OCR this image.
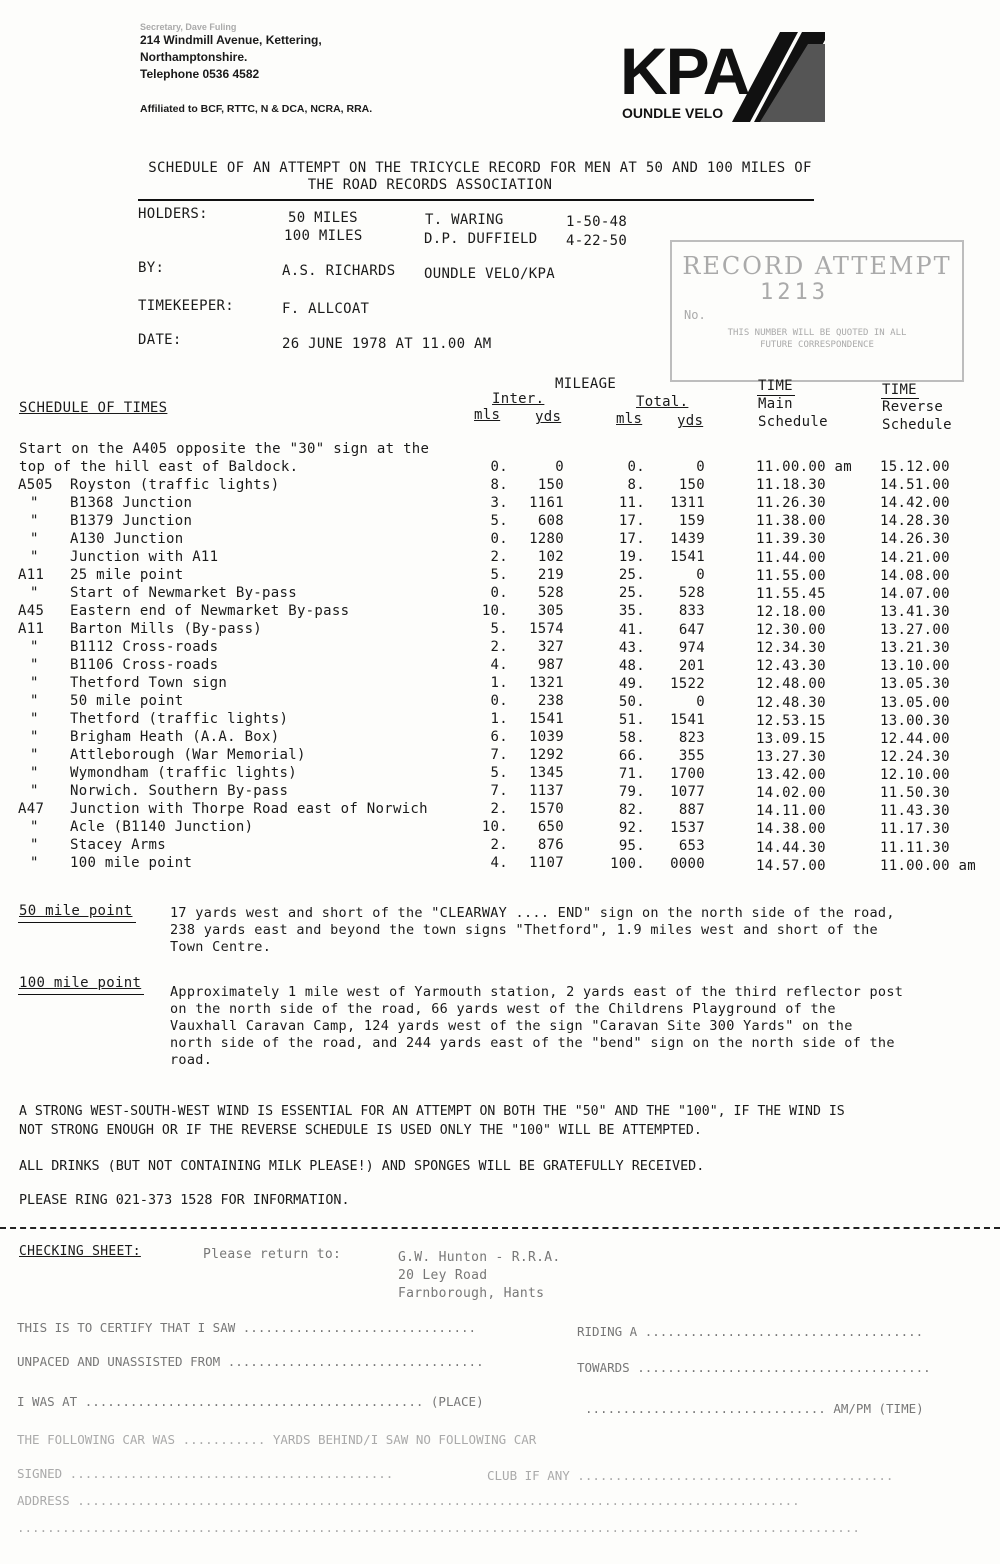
Secretary, Dave Fuling
214 Windmill Avenue, Kettering,
Northamptonshire.
Telephone 0536 4582
Affiliated to BCF, RTTC, N & DCA, NCRA, RRA.
KPA
OUNDLE VELO
SCHEDULE OF AN ATTEMPT ON THE TRICYCLE RECORD FOR MEN AT 50 AND 100 MILES OF
THE ROAD RECORDS ASSOCIATION
HOLDERS:	50 MILES	T. WARING	1-50-48
100 MILES	D.P. DUFFIELD 4-22-50
BY:	A.S. RICHARDS OUNDLE VELO/KPA
TIMEKEEPER:	F. ALLCOAT
DATE:	26 JUNE 1978 AT 11.00 AM
RECORD ATTEMPT
No.
1213
THIS NUMBER WILL BE QUOTED IN ALL
FUTURE CORRESPONDENCE
MILEAGE	TIME	TIME
Inter.	Total.	Main	Reverse
SCHEDULE OF TIMES	mls yds	mls yds	Schedule	Schedule
Start on the A405 opposite the "30" sign at the
top of the hill east of Baldock.	0.	0	0.	0	11.00.00 am 15.12.00
A505 Royston (traffic lights)	8.	150	8.	150	11.18.30	14.51.00
" B1368 Junction	3.	1161	11.	1311	11.26.30	14.42.00
" B1379 Junction	5.	608	17.	159	11.38.00	14.28.30
" A130 Junction	0.	1280	17.	1439	11.39.30	14.26.30
" Junction with A11	2.	102	19.	1541	11.44.00	14.21.00
A11 25 mile point	5.	219	25.	0	11.55.00	14.08.00
" Start of Newmarket By-pass	0.	528	25.	528	11.55.45	14.07.00
A45 Eastern end of Newmarket By-pass	10.	305	35.	833	12.18.00	13.41.30
A11 Barton Mills (By-pass)	5.	1574	41.	647	12.30.00	13.27.00
" B1112 Cross-roads	2.	327	43.	974	12.34.30	13.21.30
" B1106 Cross-roads	4.	987	48.	201	12.43.30	13.10.00
" Thetford Town sign	1.	1321	49.	1522	12.48.00	13.05.30
" 50 mile point	0.	238	50.	0	12.48.30	13.05.00
" Thetford (traffic lights)	1.	1541	51.	1541	12.53.15	13.00.30
" Brigham Heath (A.A. Box)	6.	1039	58.	823	13.09.15	12.44.00
" Attleborough (War Memorial)	7.	1292	66.	355	13.27.30	12.24.30
" Wymondham (traffic lights)	5.	1345	71.	1700	13.42.00	12.10.00
" Norwich. Southern By-pass	7.	1137	79.	1077	14.02.00	11.50.30
A47 Junction with Thorpe Road east of Norwich	2.	1570	82.	887	14.11.00	11.43.30
" Acle (B1140 Junction)	10.	650	92.	1537	14.38.00	11.17.30
" Stacey Arms	2.	876	95.	653	14.44.30	11.11.30
" 100 mile point	4.	1107	100.	0000	14.57.00	11.00.00 am
50 mile point	17 yards west and short of the "CLEARWAY .... END" sign on the north side of the road,
238 yards east and beyond the town signs "Thetford", 1.9 miles west and short of the
Town Centre.
100 mile point
Approximately 1 mile west of Yarmouth station, 2 yards east of the third reflector post
on the north side of the road, 66 yards west of the Childrens Playground of the
Vauxhall Caravan Camp, 124 yards west of the sign "Caravan Site 300 Yards" on the
north side of the road, and 244 yards east of the "bend" sign on the north side of the
road.
A STRONG WEST-SOUTH-WEST WIND IS ESSENTIAL FOR AN ATTEMPT ON BOTH THE "50" AND THE "100", IF THE WIND IS
NOT STRONG ENOUGH OR IF THE REVERSE SCHEDULE IS USED ONLY THE "100" WILL BE ATTEMPTED.
ALL DRINKS (BUT NOT CONTAINING MILK PLEASE!) AND SPONGES WILL BE GRATEFULLY RECEIVED.
PLEASE RING 021-373 1528 FOR INFORMATION.
CHECKING SHEET:	Please return to:	G.W. Hunton - R.R.A.
20 Ley Road
Farnborough, Hants
THIS IS TO CERTIFY THAT I SAW ...............................	RIDING A .....................................
UNPACED AND UNASSISTED FROM ..................................	TOWARDS .......................................
I WAS AT ............................................. (PLACE)	................................ AM/PM (TIME)
THE FOLLOWING CAR WAS ........... YARDS BEHIND/I SAW NO FOLLOWING CAR
SIGNED ...........................................	CLUB IF ANY ..........................................
ADDRESS ................................................................................................
................................................................................................................
